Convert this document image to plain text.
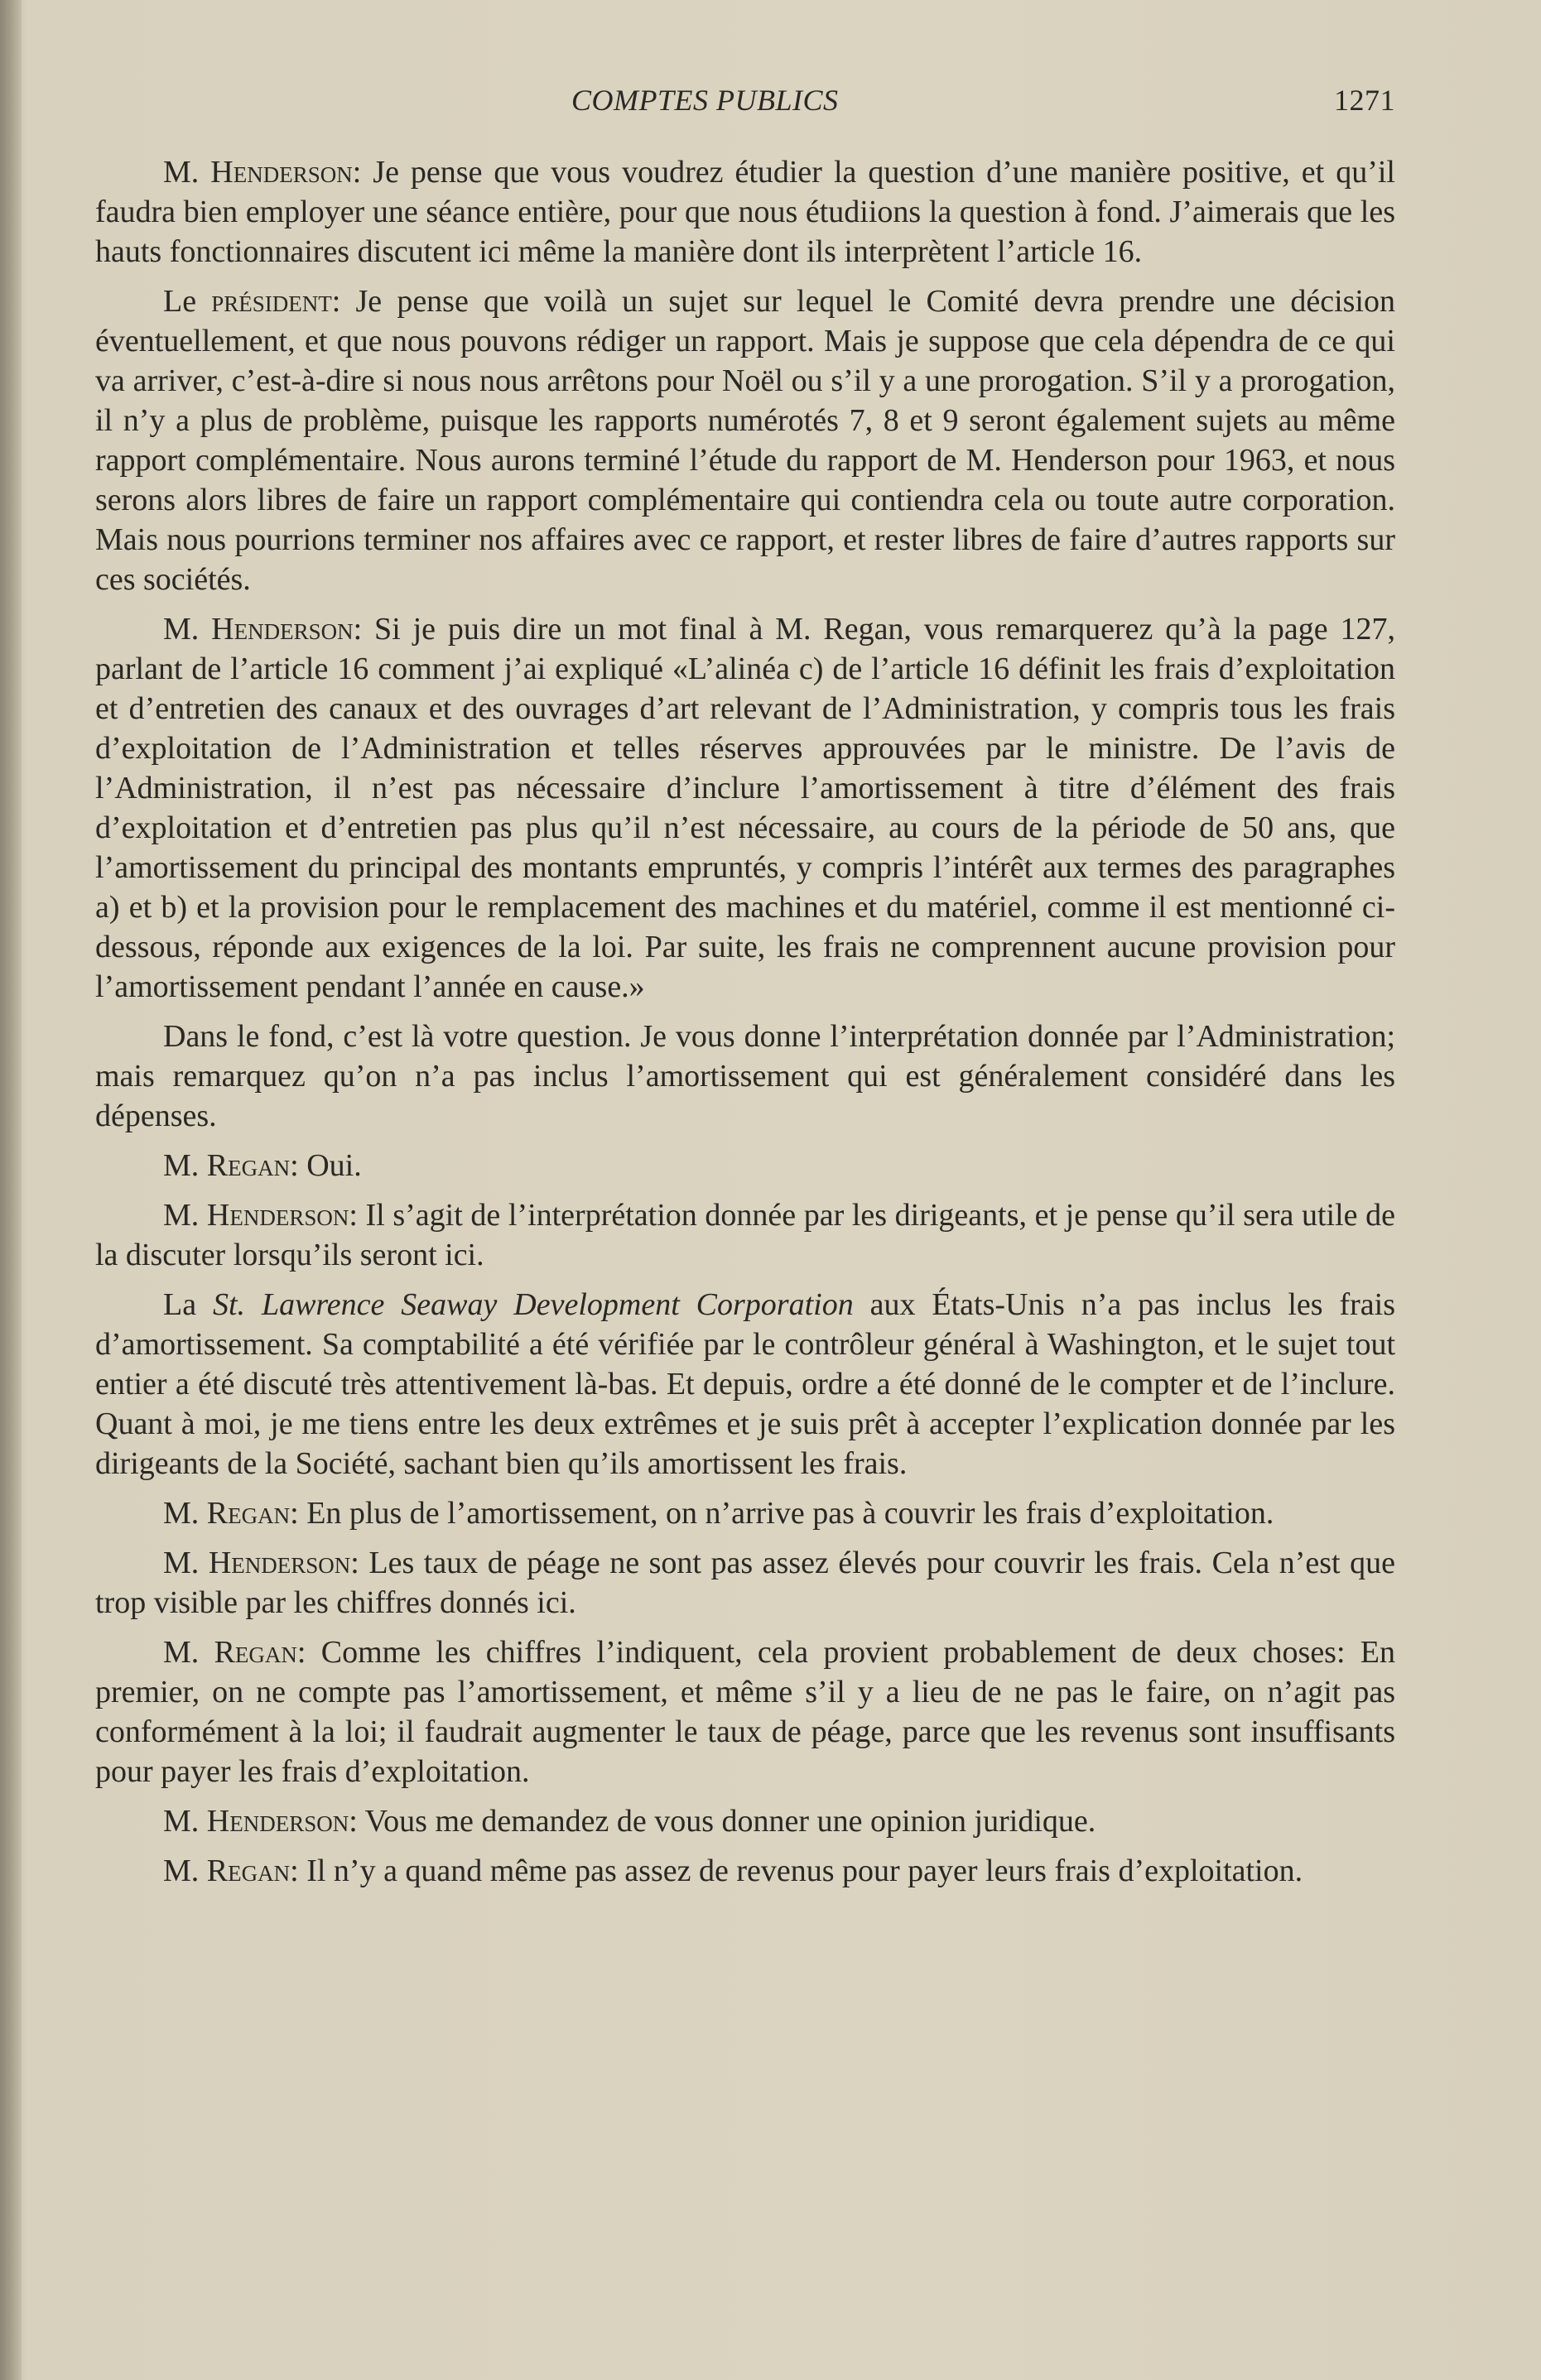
COMPTES PUBLICS	1271

M. Henderson: Je pense que vous voudrez étudier la question d’une manière positive, et qu’il faudra bien employer une séance entière, pour que nous étudiions la question à fond. J’aimerais que les hauts fonctionnaires discutent ici même la manière dont ils interprètent l’article 16.

Le président: Je pense que voilà un sujet sur lequel le Comité devra prendre une décision éventuellement, et que nous pouvons rédiger un rapport. Mais je suppose que cela dépendra de ce qui va arriver, c’est-à-dire si nous nous arrêtons pour Noël ou s’il y a une prorogation. S’il y a prorogation, il n’y a plus de problème, puisque les rapports numérotés 7, 8 et 9 seront également sujets au même rapport complémentaire. Nous aurons terminé l’étude du rapport de M. Henderson pour 1963, et nous serons alors libres de faire un rapport complémentaire qui contiendra cela ou toute autre corporation. Mais nous pourrions terminer nos affaires avec ce rapport, et rester libres de faire d’autres rapports sur ces sociétés.

M. Henderson: Si je puis dire un mot final à M. Regan, vous remarquerez qu’à la page 127, parlant de l’article 16 comment j’ai expliqué «L’alinéa c) de l’article 16 définit les frais d’exploitation et d’entretien des canaux et des ouvrages d’art relevant de l’Administration, y compris tous les frais d’exploitation de l’Administration et telles réserves approuvées par le ministre. De l’avis de l’Administration, il n’est pas nécessaire d’inclure l’amortissement à titre d’élément des frais d’exploitation et d’entretien pas plus qu’il n’est nécessaire, au cours de la période de 50 ans, que l’amortissement du principal des montants empruntés, y compris l’intérêt aux termes des paragraphes a) et b) et la provision pour le remplacement des machines et du matériel, comme il est mentionné ci-dessous, réponde aux exigences de la loi. Par suite, les frais ne comprennent aucune provision pour l’amortissement pendant l’année en cause.»

Dans le fond, c’est là votre question. Je vous donne l’interprétation donnée par l’Administration; mais remarquez qu’on n’a pas inclus l’amortissement qui est généralement considéré dans les dépenses.

M. Regan: Oui.

M. Henderson: Il s’agit de l’interprétation donnée par les dirigeants, et je pense qu’il sera utile de la discuter lorsqu’ils seront ici.

La St. Lawrence Seaway Development Corporation aux États-Unis n’a pas inclus les frais d’amortissement. Sa comptabilité a été vérifiée par le contrôleur général à Washington, et le sujet tout entier a été discuté très attentivement là-bas. Et depuis, ordre a été donné de le compter et de l’inclure. Quant à moi, je me tiens entre les deux extrêmes et je suis prêt à accepter l’explication donnée par les dirigeants de la Société, sachant bien qu’ils amortissent les frais.

M. Regan: En plus de l’amortissement, on n’arrive pas à couvrir les frais d’exploitation.

M. Henderson: Les taux de péage ne sont pas assez élevés pour couvrir les frais. Cela n’est que trop visible par les chiffres donnés ici.

M. Regan: Comme les chiffres l’indiquent, cela provient probablement de deux choses: En premier, on ne compte pas l’amortissement, et même s’il y a lieu de ne pas le faire, on n’agit pas conformément à la loi; il faudrait augmenter le taux de péage, parce que les revenus sont insuffisants pour payer les frais d’exploitation.

M. Henderson: Vous me demandez de vous donner une opinion juridique.

M. Regan: Il n’y a quand même pas assez de revenus pour payer leurs frais d’exploitation.
